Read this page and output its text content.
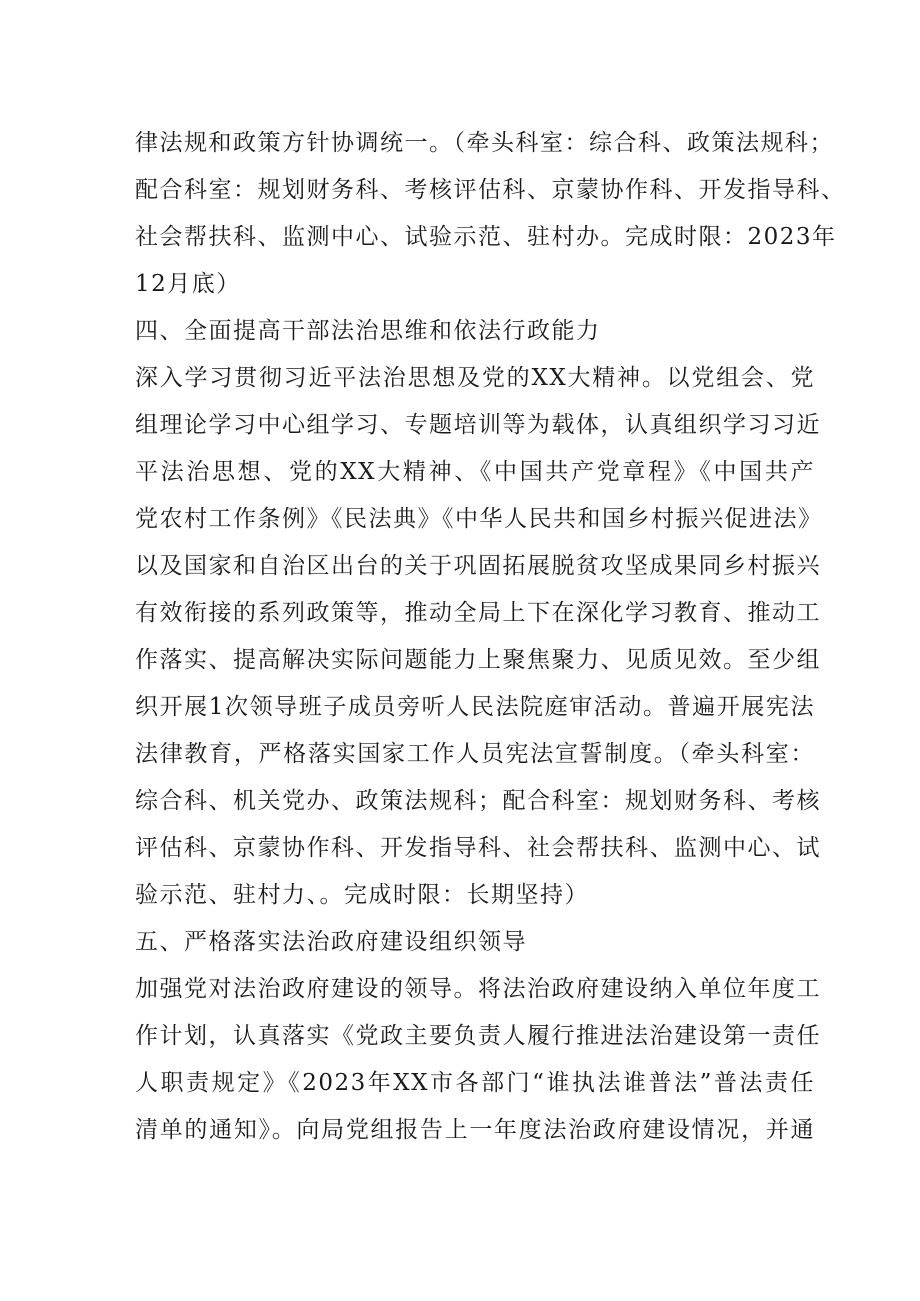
律法规和政策方针协调统一。（牵头科室：综合科、政策法规科；
配合科室：规划财务科、考核评估科、京蒙协作科、开发指导科、
社会帮扶科、监测中心、试验示范、驻村办。完成时限：2023年
12月底）
四、全面提高干部法治思维和依法行政能力
深入学习贯彻习近平法治思想及党的XX大精神。以党组会、党
组理论学习中心组学习、专题培训等为载体，认真组织学习习近
平法治思想、党的XX大精神、《中国共产党章程》《中国共产
党农村工作条例》《民法典》《中华人民共和国乡村振兴促进法》
以及国家和自治区出台的关于巩固拓展脱贫攻坚成果同乡村振兴
有效衔接的系列政策等，推动全局上下在深化学习教育、推动工
作落实、提高解决实际问题能力上聚焦聚力、见质见效。至少组
织开展1次领导班子成员旁听人民法院庭审活动。普遍开展宪法
法律教育，严格落实国家工作人员宪法宣誓制度。（牵头科室：
综合科、机关党办、政策法规科；配合科室：规划财务科、考核
评估科、京蒙协作科、开发指导科、社会帮扶科、监测中心、试
验示范、驻村力、。完成时限：长期坚持）
五、严格落实法治政府建设组织领导
加强党对法治政府建设的领导。将法治政府建设纳入单位年度工
作计划，认真落实《党政主要负责人履行推进法治建设第一责任
人职责规定》《2023年XX市各部门“谁执法谁普法”普法责任
清单的通知》。向局党组报告上一年度法治政府建设情况，并通
